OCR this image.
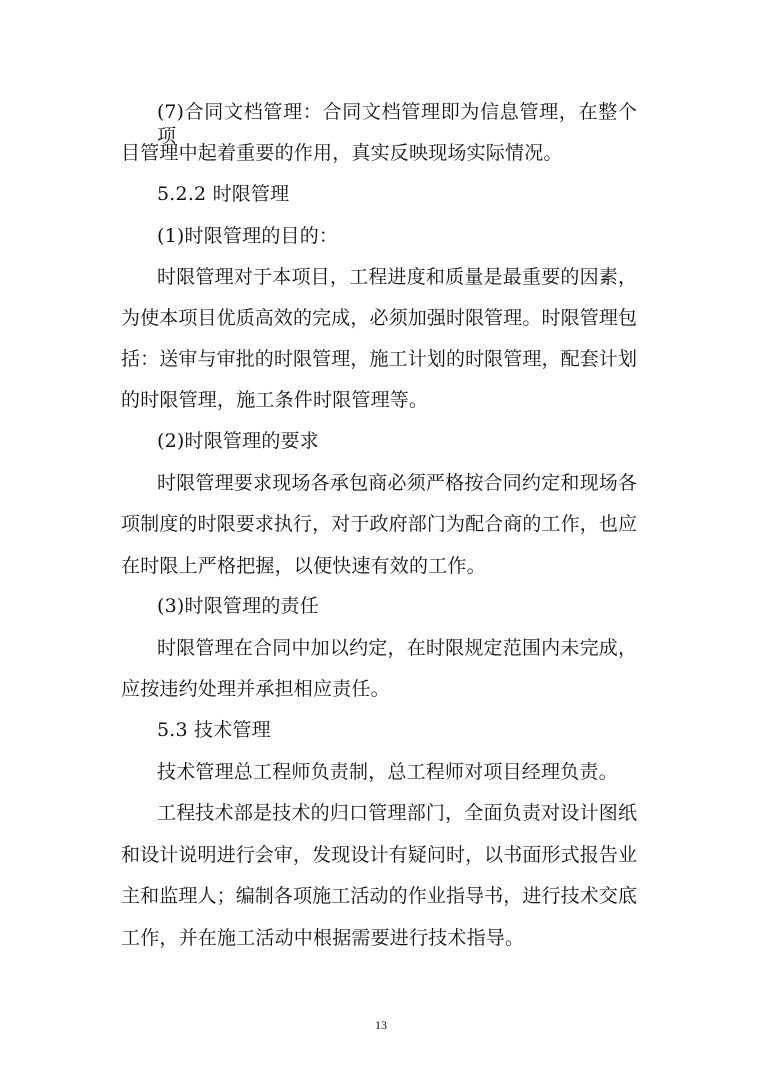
(7)合同文档管理：合同文档管理即为信息管理，在整个项
目管理中起着重要的作用，真实反映现场实际情况。
5.2.2 时限管理
(1)时限管理的目的：
时限管理对于本项目，工程进度和质量是最重要的因素，
为使本项目优质高效的完成，必须加强时限管理。时限管理包
括：送审与审批的时限管理，施工计划的时限管理，配套计划
的时限管理，施工条件时限管理等。
(2)时限管理的要求
时限管理要求现场各承包商必须严格按合同约定和现场各
项制度的时限要求执行，对于政府部门为配合商的工作，也应
在时限上严格把握，以便快速有效的工作。
(3)时限管理的责任
时限管理在合同中加以约定，在时限规定范围内未完成，
应按违约处理并承担相应责任。
5.3 技术管理
技术管理总工程师负责制，总工程师对项目经理负责。
工程技术部是技术的归口管理部门，全面负责对设计图纸
和设计说明进行会审，发现设计有疑问时，以书面形式报告业
主和监理人；编制各项施工活动的作业指导书，进行技术交底
工作，并在施工活动中根据需要进行技术指导。
13
